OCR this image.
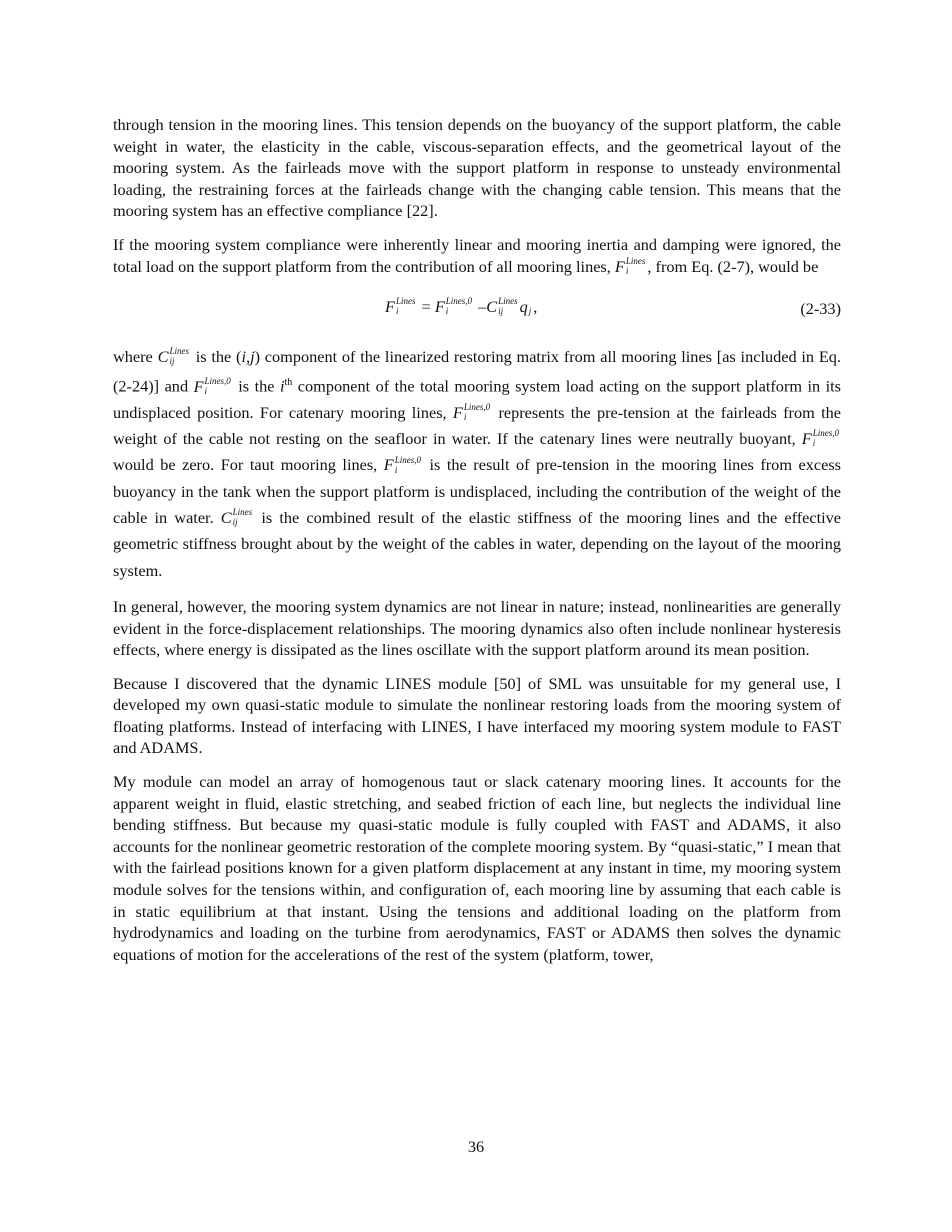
through tension in the mooring lines. This tension depends on the buoyancy of the support platform, the cable weight in water, the elasticity in the cable, viscous-separation effects, and the geometrical layout of the mooring system. As the fairleads move with the support platform in response to unsteady environmental loading, the restraining forces at the fairleads change with the changing cable tension. This means that the mooring system has an effective compliance [22].

If the mooring system compliance were inherently linear and mooring inertia and damping were ignored, the total load on the support platform from the contribution of all mooring lines, F Lines
i	, from Eq. (2-7), would be

F Lines
i	= F Lines,0
i	–C Lines
ij	q
j ,	(2-33)

where C Lines
ij	is the (i,j) component of the linearized restoring matrix from all mooring lines [as included in Eq. (2-24)] and F Lines,0
i	is the $i^{th}$ component of the total mooring system load acting on the support platform in its undisplaced position. For catenary mooring lines, F Lines,0
i	represents the pre-tension at the fairleads from the weight of the cable not resting on the seafloor in water. If the catenary lines were neutrally buoyant, F Lines,0
i
would be zero. For taut mooring lines, F Lines,0
i	is the result of pre-tension in the mooring lines from excess buoyancy in the tank when the support platform is undisplaced, including the contribution of the weight of the cable in water. C Lines
ij	is the combined result of the elastic stiffness of the mooring lines and the effective geometric stiffness brought about by the weight of the cables in water, depending on the layout of the mooring system.

In general, however, the mooring system dynamics are not linear in nature; instead, nonlinearities are generally evident in the force-displacement relationships. The mooring dynamics also often include nonlinear hysteresis effects, where energy is dissipated as the lines oscillate with the support platform around its mean position.

Because I discovered that the dynamic LINES module [50] of SML was unsuitable for my general use, I developed my own quasi-static module to simulate the nonlinear restoring loads from the mooring system of floating platforms. Instead of interfacing with LINES, I have interfaced my mooring system module to FAST and ADAMS.

My module can model an array of homogenous taut or slack catenary mooring lines. It accounts for the apparent weight in fluid, elastic stretching, and seabed friction of each line, but neglects the individual line bending stiffness. But because my quasi-static module is fully coupled with FAST and ADAMS, it also accounts for the nonlinear geometric restoration of the complete mooring system. By “quasi-static,” I mean that with the fairlead positions known for a given platform displacement at any instant in time, my mooring system module solves for the tensions within, and configuration of, each mooring line by assuming that each cable is in static equilibrium at that instant. Using the tensions and additional loading on the platform from hydrodynamics and loading on the turbine from aerodynamics, FAST or ADAMS then solves the dynamic equations of motion for the accelerations of the rest of the system (platform, tower,

36
